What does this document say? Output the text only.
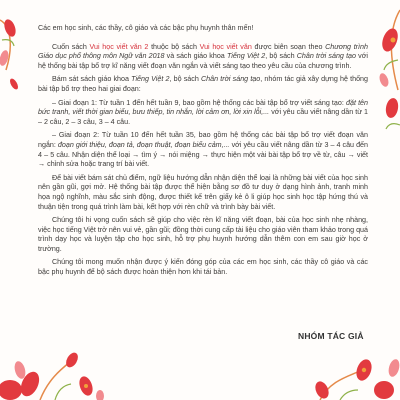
Các em học sinh, các thầy, cô giáo và các bậc phụ huynh thân mến!

Cuốn sách Vui học viết văn 2 thuộc bộ sách Vui học viết văn được biên soạn theo Chương trình Giáo dục phổ thông môn Ngữ văn 2018 và sách giáo khoa Tiếng Việt 2, bộ sách Chân trời sáng tạo với hệ thống bài tập bổ trợ kĩ năng viết đoạn văn ngắn và viết sáng tạo theo yêu cầu của chương trình.

Bám sát sách giáo khoa Tiếng Việt 2, bộ sách Chân trời sáng tạo, nhóm tác giả xây dựng hệ thống bài tập bổ trợ theo hai giai đoạn:

– Giai đoạn 1: Từ tuần 1 đến hết tuần 9, bao gồm hệ thống các bài tập bổ trợ viết sáng tạo: đặt tên bức tranh, viết thời gian biểu, bưu thiếp, tin nhắn, lời cảm ơn, lời xin lỗi,... với yêu cầu viết nâng dần từ 1 – 2 câu, 2 – 3 câu, 3 – 4 câu.

– Giai đoạn 2: Từ tuần 10 đến hết tuần 35, bao gồm hệ thống các bài tập bổ trợ viết đoạn văn ngắn: đoạn giới thiệu, đoạn tả, đoạn thuật, đoạn biểu cảm,... với yêu cầu viết nâng dần từ 3 – 4 câu đến 4 – 5 câu. Nhận diện thể loại → tìm ý → nói miệng → thực hiện một vài bài tập bổ trợ về từ, câu → viết → chỉnh sửa hoặc trang trí bài viết.

Để bài viết bám sát chủ điểm, ngữ liệu hướng dẫn nhận diện thể loại là những bài viết của học sinh nên gần gũi, gợi mở. Hệ thống bài tập được thể hiện bằng sơ đồ tư duy ở dạng hình ảnh, tranh minh họa ngộ nghĩnh, màu sắc sinh động, được thiết kế trên giấy kẻ ô li giúp học sinh học tập hứng thú và thuận tiện trong quá trình làm bài, kết hợp với rèn chữ và trình bày bài viết.

Chúng tôi hi vọng cuốn sách sẽ giúp cho việc rèn kĩ năng viết đoạn, bài của học sinh nhẹ nhàng, việc học tiếng Việt trở nên vui vẻ, gần gũi; đồng thời cung cấp tài liệu cho giáo viên tham khảo trong quá trình dạy học và luyện tập cho học sinh, hỗ trợ phụ huynh hướng dẫn thêm con em sau giờ học ở trường.

Chúng tôi mong muốn nhận được ý kiến đóng góp của các em học sinh, các thầy cô giáo và các bậc phụ huynh để bộ sách được hoàn thiện hơn khi tái bản.

NHÓM TÁC GIẢ
